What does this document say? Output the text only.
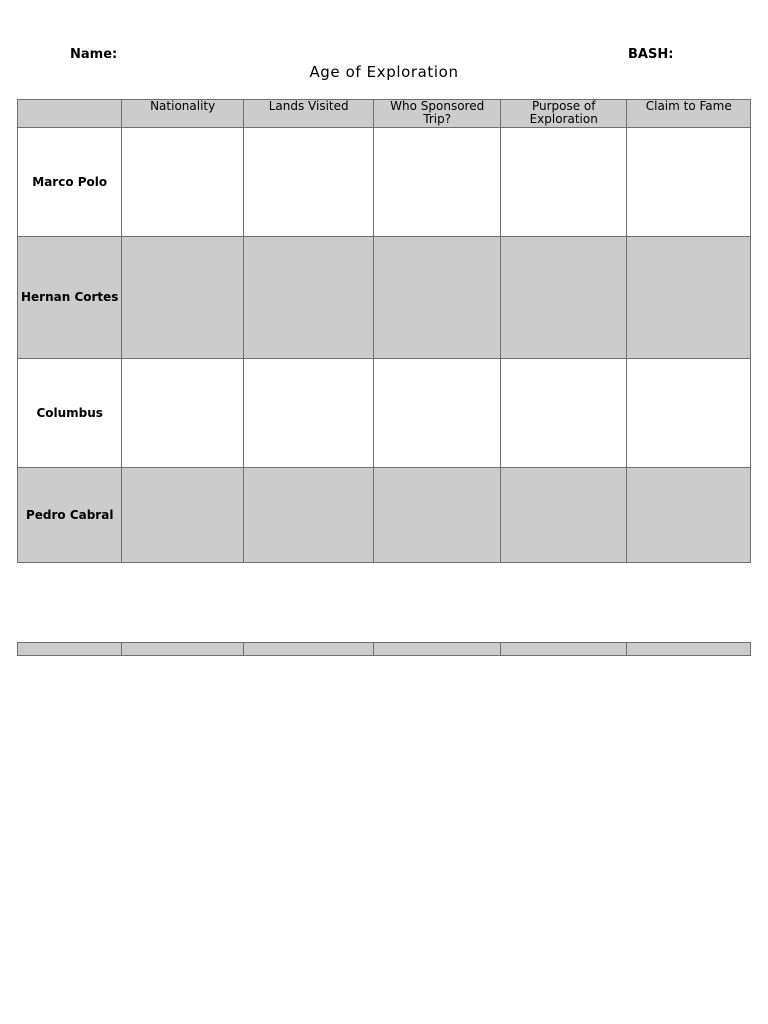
Name:	BASH:
Age of Exploration
	Nationality	Lands Visited	Who Sponsored Trip?	Purpose of Exploration	Claim to Fame
Marco Polo					
Hernan Cortes					
Columbus					
Pedro Cabral					
